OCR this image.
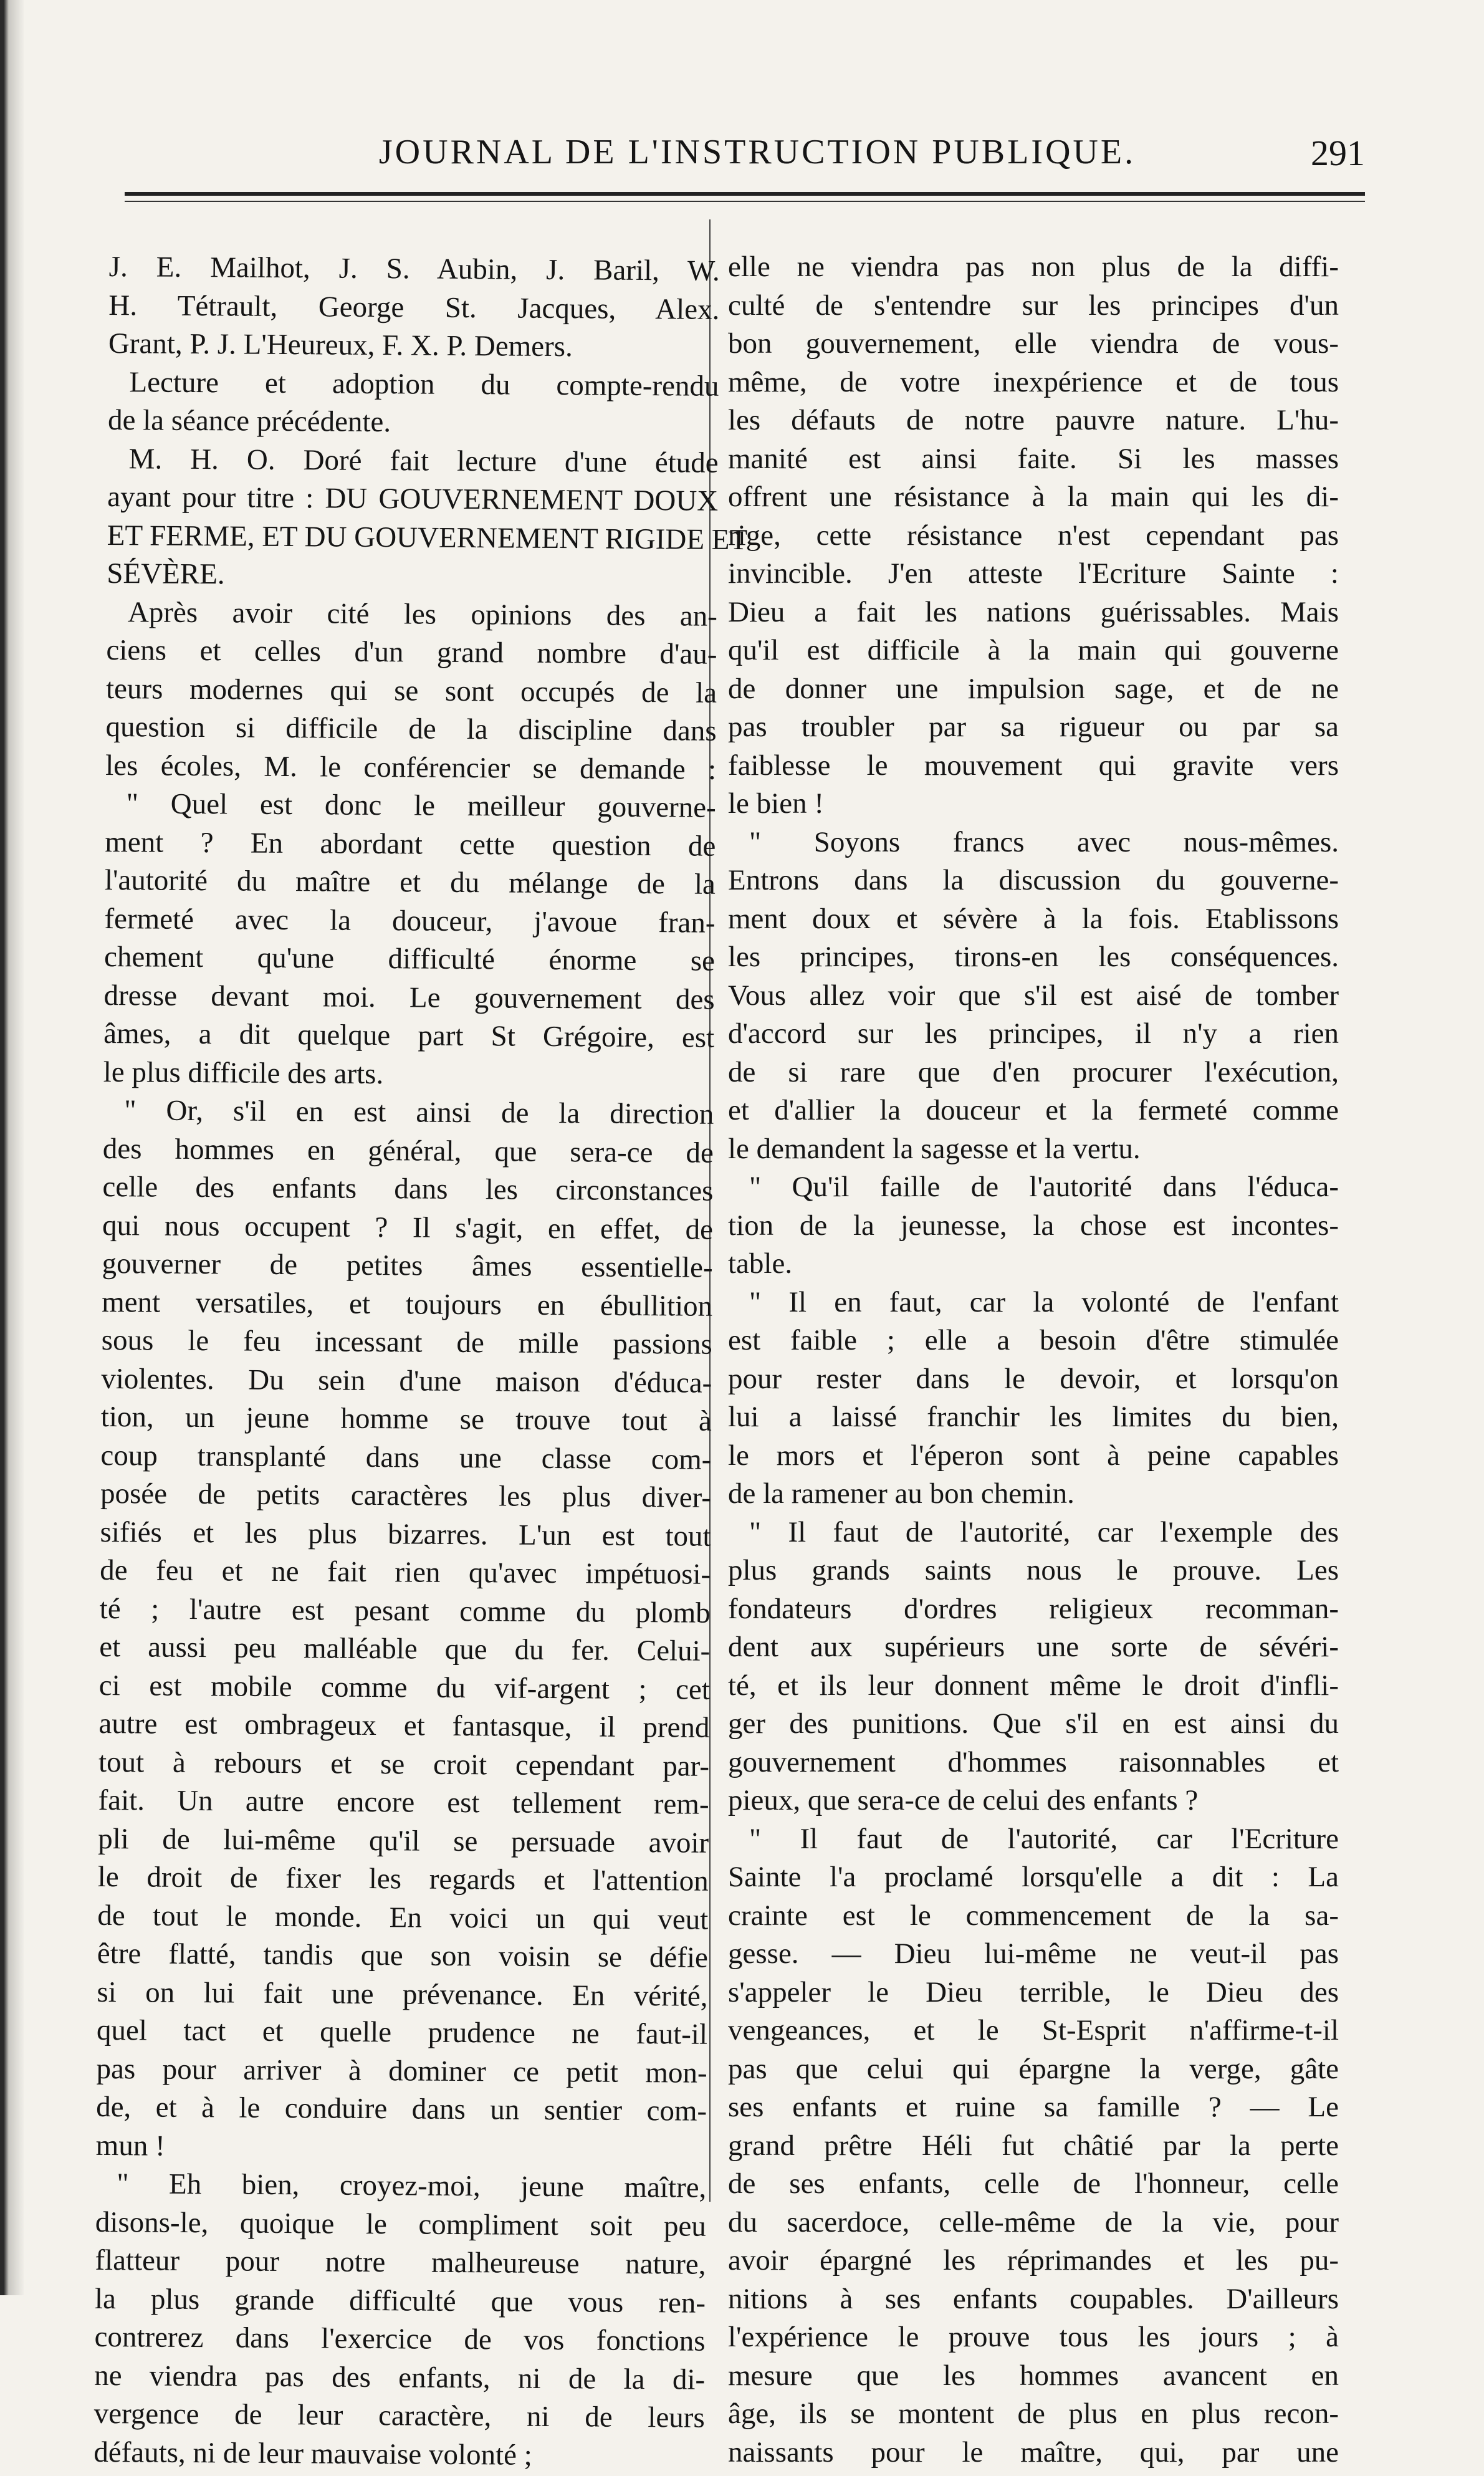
JOURNAL DE L'INSTRUCTION PUBLIQUE.	291
J. E. Mailhot, J. S. Aubin, J. Baril, W.
H. Tétrault, George St. Jacques, Alex.
Grant, P. J. L'Heureux, F. X. P. Demers.
Lecture et adoption du compte-rendu
de la séance précédente.
M. H. O. Doré fait lecture d'une étude
ayant pour titre : DU GOUVERNEMENT DOUX
ET FERME, ET DU GOUVERNEMENT RIGIDE ET
SÉVÈRE.
Après avoir cité les opinions des an-
ciens et celles d'un grand nombre d'au-
teurs modernes qui se sont occupés de la
question si difficile de la discipline dans
les écoles, M. le conférencier se demande :
" Quel est donc le meilleur gouverne-
ment ? En abordant cette question de
l'autorité du maître et du mélange de la
fermeté avec la douceur, j'avoue fran-
chement qu'une difficulté énorme se
dresse devant moi. Le gouvernement des
âmes, a dit quelque part St Grégoire, est
le plus difficile des arts.
" Or, s'il en est ainsi de la direction
des hommes en général, que sera-ce de
celle des enfants dans les circonstances
qui nous occupent ? Il s'agit, en effet, de
gouverner de petites âmes essentielle-
ment versatiles, et toujours en ébullition
sous le feu incessant de mille passions
violentes. Du sein d'une maison d'éduca-
tion, un jeune homme se trouve tout à
coup transplanté dans une classe com-
posée de petits caractères les plus diver-
sifiés et les plus bizarres. L'un est tout
de feu et ne fait rien qu'avec impétuosi-
té ; l'autre est pesant comme du plomb
et aussi peu malléable que du fer. Celui-
ci est mobile comme du vif-argent ; cet
autre est ombrageux et fantasque, il prend
tout à rebours et se croit cependant par-
fait. Un autre encore est tellement rem-
pli de lui-même qu'il se persuade avoir
le droit de fixer les regards et l'attention
de tout le monde. En voici un qui veut
être flatté, tandis que son voisin se défie
si on lui fait une prévenance. En vérité,
quel tact et quelle prudence ne faut-il
pas pour arriver à dominer ce petit mon-
de, et à le conduire dans un sentier com-
mun !
" Eh bien, croyez-moi, jeune maître,
disons-le, quoique le compliment soit peu
flatteur pour notre malheureuse nature,
la plus grande difficulté que vous ren-
contrerez dans l'exercice de vos fonctions
ne viendra pas des enfants, ni de la di-
vergence de leur caractère, ni de leurs
défauts, ni de leur mauvaise volonté ;
elle ne viendra pas non plus de la diffi-
culté de s'entendre sur les principes d'un
bon gouvernement, elle viendra de vous-
même, de votre inexpérience et de tous
les défauts de notre pauvre nature. L'hu-
manité est ainsi faite. Si les masses
offrent une résistance à la main qui les di-
rige, cette résistance n'est cependant pas
invincible. J'en atteste l'Ecriture Sainte :
Dieu a fait les nations guérissables. Mais
qu'il est difficile à la main qui gouverne
de donner une impulsion sage, et de ne
pas troubler par sa rigueur ou par sa
faiblesse le mouvement qui gravite vers
le bien !
" Soyons francs avec nous-mêmes.
Entrons dans la discussion du gouverne-
ment doux et sévère à la fois. Etablissons
les principes, tirons-en les conséquences.
Vous allez voir que s'il est aisé de tomber
d'accord sur les principes, il n'y a rien
de si rare que d'en procurer l'exécution,
et d'allier la douceur et la fermeté comme
le demandent la sagesse et la vertu.
" Qu'il faille de l'autorité dans l'éduca-
tion de la jeunesse, la chose est incontes-
table.
" Il en faut, car la volonté de l'enfant
est faible ; elle a besoin d'être stimulée
pour rester dans le devoir, et lorsqu'on
lui a laissé franchir les limites du bien,
le mors et l'éperon sont à peine capables
de la ramener au bon chemin.
" Il faut de l'autorité, car l'exemple des
plus grands saints nous le prouve. Les
fondateurs d'ordres religieux recomman-
dent aux supérieurs une sorte de sévéri-
té, et ils leur donnent même le droit d'infli-
ger des punitions. Que s'il en est ainsi du
gouvernement d'hommes raisonnables et
pieux, que sera-ce de celui des enfants ?
" Il faut de l'autorité, car l'Ecriture
Sainte l'a proclamé lorsqu'elle a dit : La
crainte est le commencement de la sa-
gesse. — Dieu lui-même ne veut-il pas
s'appeler le Dieu terrible, le Dieu des
vengeances, et le St-Esprit n'affirme-t-il
pas que celui qui épargne la verge, gâte
ses enfants et ruine sa famille ? — Le
grand prêtre Héli fut châtié par la perte
de ses enfants, celle de l'honneur, celle
du sacerdoce, celle-même de la vie, pour
avoir épargné les réprimandes et les pu-
nitions à ses enfants coupables. D'ailleurs
l'expérience le prouve tous les jours ; à
mesure que les hommes avancent en
âge, ils se montent de plus en plus recon-
naissants pour le maître, qui, par une
